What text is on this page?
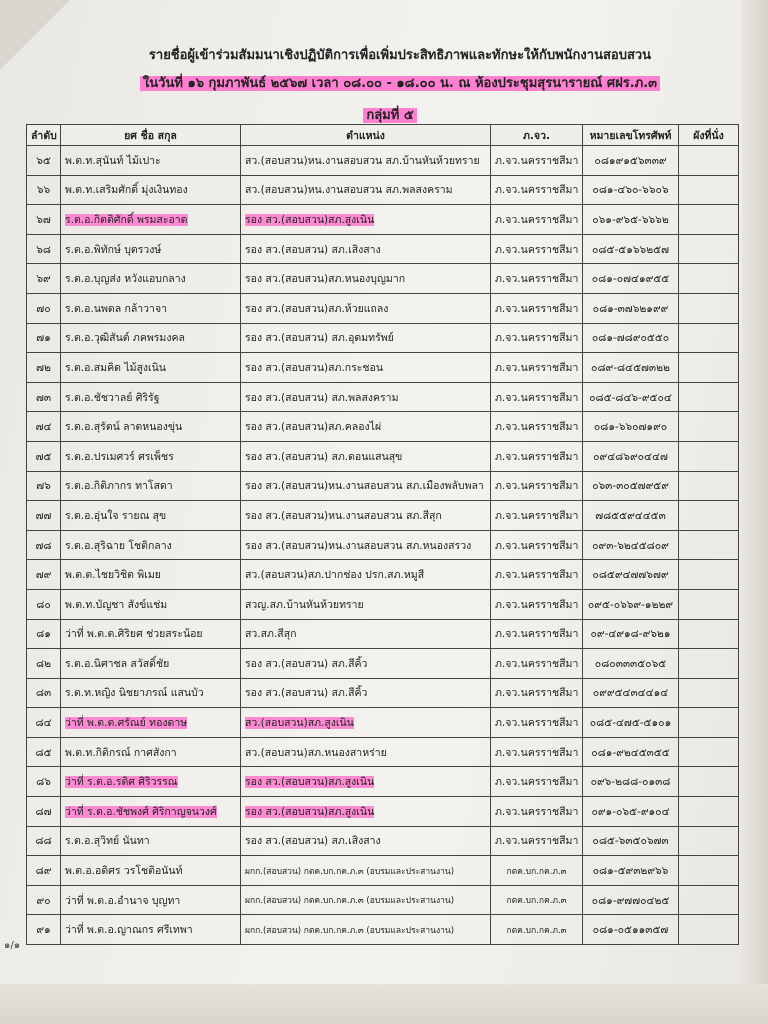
รายชื่อผู้เข้าร่วมสัมมนาเชิงปฏิบัติการเพื่อเพิ่มประสิทธิภาพและทักษะให้กับพนักงานสอบสวน
ในวันที่ ๑๖ กุมภาพันธ์ ๒๕๖๗ เวลา ๐๘.๐๐ - ๑๘.๐๐ น. ณ ห้องประชุมสุรนารายณ์ ศฝร.ภ.๓
กลุ่มที่ ๕
ลำดับ	ยศ ชื่อ สกุล	ตำแหน่ง	ภ.จว.	หมายเลขโทรศัพท์	ผังที่นั่ง
๖๕	พ.ต.ท.สุนันท์ ไม้เปาะ	สว.(สอบสวน)หน.งานสอบสวน สภ.บ้านหันห้วยทราย	ภ.จว.นครราชสีมา	๐๘๑๙๑๕๖๓๓๙	
๖๖	พ.ต.ท.เสริมศักดิ์ มุ่งเงินทอง	สว.(สอบสวน)หน.งานสอบสวน สภ.พลสงคราม	ภ.จว.นครราชสีมา	๐๘๑-๔๖๐-๖๖๐๖	
๖๗	ร.ต.อ.กิตติศักดิ์ พรมสะอาด	รอง สว.(สอบสวน)สภ.สูงเนิน	ภ.จว.นครราชสีมา	๐๖๑-๙๖๕-๖๖๖๒	
๖๘	ร.ต.อ.พิทักษ์ บุตรวงษ์	รอง สว.(สอบสวน) สภ.เสิงสาง	ภ.จว.นครราชสีมา	๐๘๕-๕๑๖๖๒๕๗	
๖๙	ร.ต.อ.บุญส่ง หวังแอบกลาง	รอง สว.(สอบสวน)สภ.หนองบุญมาก	ภ.จว.นครราชสีมา	๐๘๑-๐๗๔๑๙๕๕	
๗๐	ร.ต.อ.นพดล กล้าวาจา	รอง สว.(สอบสวน)สภ.ห้วยแถลง	ภ.จว.นครราชสีมา	๐๘๑-๓๗๖๒๑๙๙	
๗๑	ร.ต.อ.วุฒิสันต์ ภคพรมงคล	รอง สว.(สอบสวน) สภ.อุดมทรัพย์	ภ.จว.นครราชสีมา	๐๘๑-๗๘๙๐๕๕๐	
๗๒	ร.ต.อ.สมคิด ไม้สูงเนิน	รอง สว.(สอบสวน)สภ.กระชอน	ภ.จว.นครราชสีมา	๐๘๙-๘๔๕๗๓๒๒	
๗๓	ร.ต.อ.ชัชวาลย์ ศิริรัฐ	รอง สว.(สอบสวน) สภ.พลสงคราม	ภ.จว.นครราชสีมา	๐๘๕-๘๔๖-๙๕๐๔	
๗๔	ร.ต.อ.สุรัตน์ ลาดหนองขุ่น	รอง สว.(สอบสวน)สภ.คลองไผ่	ภ.จว.นครราชสีมา	๐๘๑-๖๖๐๗๑๙๐	
๗๕	ร.ต.อ.ปรเมศวร์ ศรเพ็ชร	รอง สว.(สอบสวน) สภ.ดอนแสนสุข	ภ.จว.นครราชสีมา	๐๙๔๘๖๙๐๔๔๗	
๗๖	ร.ต.อ.กิติภากร ทาโสดา	รอง สว.(สอบสวน)หน.งานสอบสวน สภ.เมืองพลับพลา	ภ.จว.นครราชสีมา	๐๖๓-๓๐๕๗๙๕๙	
๗๗	ร.ต.อ.อุ่นใจ รายณ สุข	รอง สว.(สอบสวน)หน.งานสอบสวน สภ.สีสุก	ภ.จว.นครราชสีมา	๗๘๕๕๙๔๔๕๓	
๗๘	ร.ต.อ.สุริฉาย โชติกลาง	รอง สว.(สอบสวน)หน.งานสอบสวน สภ.หนองสรวง	ภ.จว.นครราชสีมา	๐๙๓-๖๒๔๕๘๐๙	
๗๙	พ.ต.ต.ไชยวิชิต พิเมย	สว.(สอบสวน)สภ.ปากช่อง ปรก.สภ.หมูสี	ภ.จว.นครราชสีมา	๐๘๕๙๔๗๗๖๗๙	
๘๐	พ.ต.ท.บัญชา สังข์แช่ม	สวญ.สภ.บ้านหันห้วยทราย	ภ.จว.นครราชสีมา	๐๙๕-๐๖๖๙-๑๒๒๙	
๘๑	ว่าที่ พ.ต.ต.ศิริยศ ช่วยสระน้อย	สว.สภ.สีสุก	ภ.จว.นครราชสีมา	๐๙-๔๙๑๘-๙๖๒๑	
๘๒	ร.ต.อ.นิศาชล สวัสดิ์ชัย	รอง สว.(สอบสวน) สภ.สีคิ้ว	ภ.จว.นครราชสีมา	๐๘๐๓๓๓๕๐๖๕	
๘๓	ร.ต.ท.หญิง นิชยาภรณ์ แสนบัว	รอง สว.(สอบสวน) สภ.สีคิ้ว	ภ.จว.นครราชสีมา	๐๙๙๕๔๓๔๔๑๔	
๘๔	ว่าที่ พ.ต.ต.ศรัณย์ ทองดาษ	สว.(สอบสวน)สภ.สูงเนิน	ภ.จว.นครราชสีมา	๐๘๕-๔๗๕-๕๑๐๑	
๘๕	พ.ต.ท.กิติกรณ์ กาศสังกา	สว.(สอบสวน)สภ.หนองสาหร่าย	ภ.จว.นครราชสีมา	๐๘๑-๙๒๔๕๓๕๕	
๘๖	ว่าที่ ร.ต.อ.รติศ ศิริวรรณ	รอง สว.(สอบสวน)สภ.สูงเนิน	ภ.จว.นครราชสีมา	๐๙๖-๒๘๘-๐๑๓๘	
๘๗	ว่าที่ ร.ต.อ.ชัชพงศ์ ศิริกาญจนวงศ์	รอง สว.(สอบสวน)สภ.สูงเนิน	ภ.จว.นครราชสีมา	๐๙๑-๐๖๕-๙๑๐๔	
๘๘	ร.ต.อ.สุวิทย์ นันทา	รอง สว.(สอบสวน) สภ.เสิงสาง	ภ.จว.นครราชสีมา	๐๘๕-๖๓๕๐๖๗๓	
๘๙	พ.ต.อ.อดิศร วรโชติอนันท์	ผกก.(สอบสวน) กตค.บก.กค.ภ.๓ (อบรมและประสานงาน)	กตค.บก.กค.ภ.๓	๐๘๑-๕๙๓๒๙๖๖	
๙๐	ว่าที่ พ.ต.อ.อำนาจ บุญทา	ผกก.(สอบสวน) กตค.บก.กค.ภ.๓ (อบรมและประสานงาน)	กตค.บก.กค.ภ.๓	๐๘๑-๙๗๗๐๔๒๕	
๙๑	ว่าที่ พ.ต.อ.ญาณกร ศรีเทพา	ผกก.(สอบสวน) กตค.บก.กค.ภ.๓ (อบรมและประสานงาน)	กตค.บก.กค.ภ.๓	๐๘๑-๐๕๑๑๓๕๗	
๑/๑
